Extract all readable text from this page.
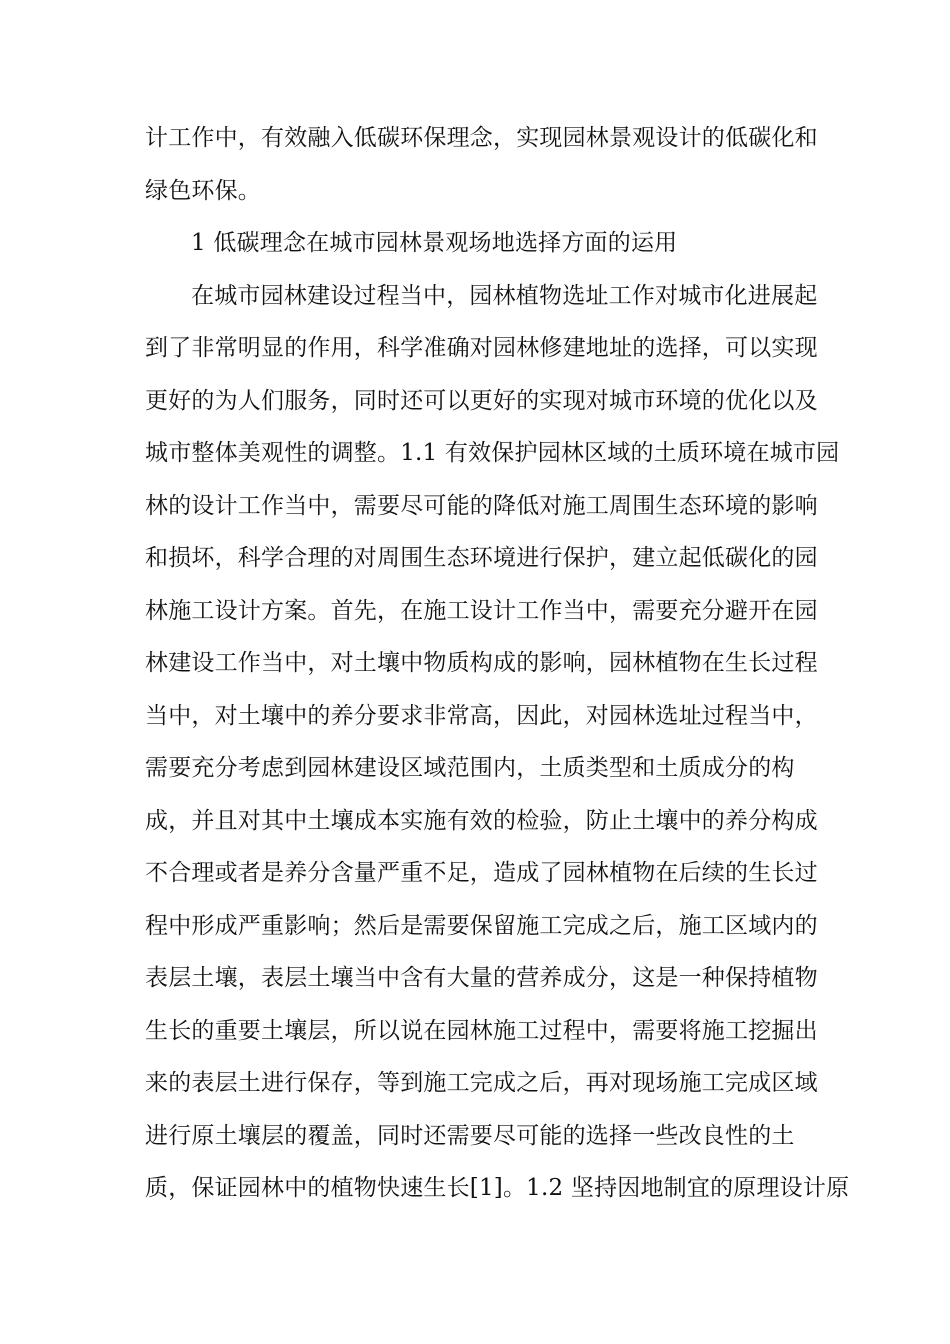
计工作中，有效融入低碳环保理念，实现园林景观设计的低碳化和
绿色环保。
1 低碳理念在城市园林景观场地选择方面的运用
在城市园林建设过程当中，园林植物选址工作对城市化进展起
到了非常明显的作用，科学准确对园林修建地址的选择，可以实现
更好的为人们服务，同时还可以更好的实现对城市环境的优化以及
城市整体美观性的调整。1.1 有效保护园林区域的土质环境在城市园
林的设计工作当中，需要尽可能的降低对施工周围生态环境的影响
和损坏，科学合理的对周围生态环境进行保护，建立起低碳化的园
林施工设计方案。首先，在施工设计工作当中，需要充分避开在园
林建设工作当中，对土壤中物质构成的影响，园林植物在生长过程
当中，对土壤中的养分要求非常高，因此，对园林选址过程当中，
需要充分考虑到园林建设区域范围内，土质类型和土质成分的构
成，并且对其中土壤成本实施有效的检验，防止土壤中的养分构成
不合理或者是养分含量严重不足，造成了园林植物在后续的生长过
程中形成严重影响；然后是需要保留施工完成之后，施工区域内的
表层土壤，表层土壤当中含有大量的营养成分，这是一种保持植物
生长的重要土壤层，所以说在园林施工过程中，需要将施工挖掘出
来的表层土进行保存，等到施工完成之后，再对现场施工完成区域
进行原土壤层的覆盖，同时还需要尽可能的选择一些改良性的土
质，保证园林中的植物快速生长[1]。1.2 坚持因地制宜的原理设计原
